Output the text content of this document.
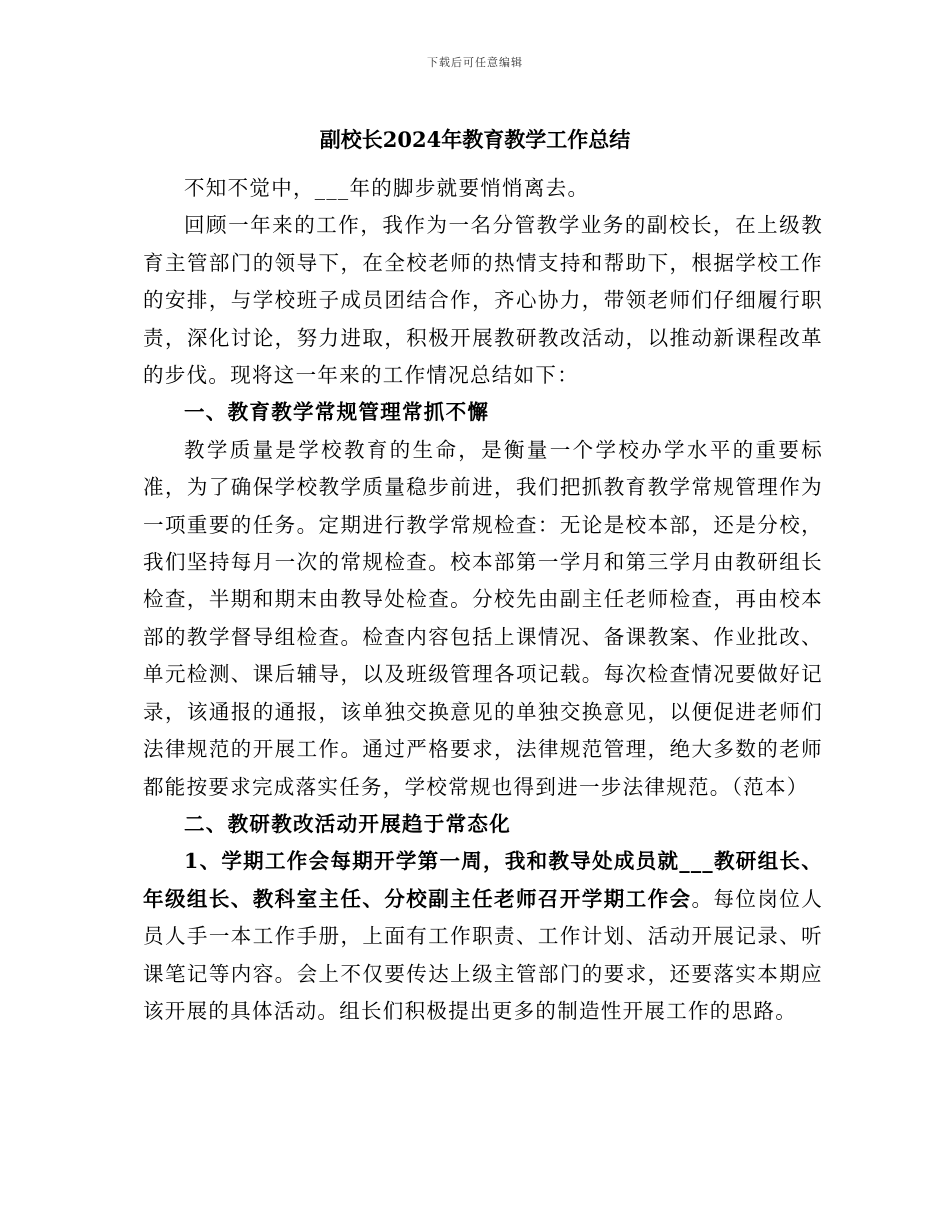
下载后可任意编辑
副校长2024年教育教学工作总结

不知不觉中，___年的脚步就要悄悄离去。

回顾一年来的工作，我作为一名分管教学业务的副校长，在上级教育主管部门的领导下，在全校老师的热情支持和帮助下，根据学校工作的安排，与学校班子成员团结合作，齐心协力，带领老师们仔细履行职责，深化讨论，努力进取，积极开展教研教改活动，以推动新课程改革的步伐。现将这一年来的工作情况总结如下：

一、教育教学常规管理常抓不懈

教学质量是学校教育的生命，是衡量一个学校办学水平的重要标准，为了确保学校教学质量稳步前进，我们把抓教育教学常规管理作为一项重要的任务。定期进行教学常规检查：无论是校本部，还是分校，我们坚持每月一次的常规检查。校本部第一学月和第三学月由教研组长检查，半期和期末由教导处检查。分校先由副主任老师检查，再由校本部的教学督导组检查。检查内容包括上课情况、备课教案、作业批改、单元检测、课后辅导，以及班级管理各项记载。每次检查情况要做好记录，该通报的通报，该单独交换意见的单独交换意见，以便促进老师们法律规范的开展工作。通过严格要求，法律规范管理，绝大多数的老师都能按要求完成落实任务，学校常规也得到进一步法律规范。（范本）

二、教研教改活动开展趋于常态化

1、学期工作会每期开学第一周，我和教导处成员就___教研组长、年级组长、教科室主任、分校副主任老师召开学期工作会。每位岗位人员人手一本工作手册，上面有工作职责、工作计划、活动开展记录、听课笔记等内容。会上不仅要传达上级主管部门的要求，还要落实本期应该开展的具体活动。组长们积极提出更多的制造性开展工作的思路。
